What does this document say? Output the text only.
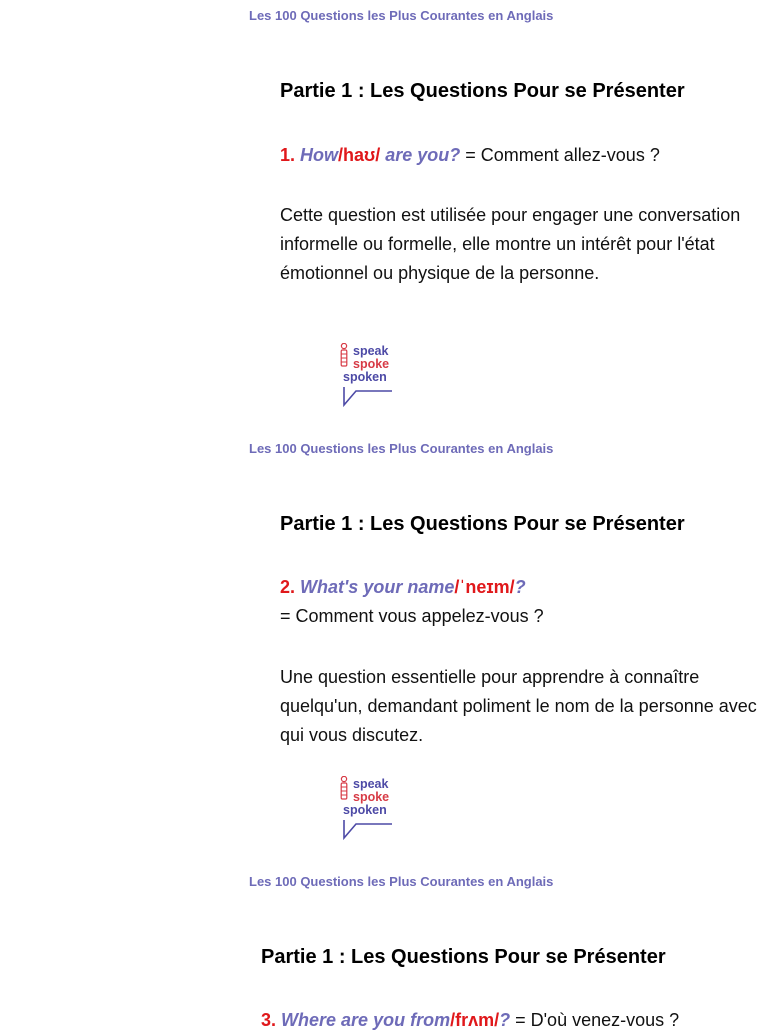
Les 100 Questions les Plus Courantes en Anglais
Partie 1 : Les Questions Pour se Présenter
1. How/haʊ/ are you? = Comment allez-vous ?
Cette question est utilisée pour engager une conversation informelle ou formelle, elle montre un intérêt pour l'état émotionnel ou physique de la personne.
speak
spoke
spoken
Les 100 Questions les Plus Courantes en Anglais
Partie 1 : Les Questions Pour se Présenter
2. What's your name/ˈneɪm/?
= Comment vous appelez-vous ?
Une question essentielle pour apprendre à connaître quelqu'un, demandant poliment le nom de la personne avec qui vous discutez.
speak
spoke
spoken
Les 100 Questions les Plus Courantes en Anglais
Partie 1 : Les Questions Pour se Présenter
3. Where are you from/frʌm/? = D'où venez-vous ?
